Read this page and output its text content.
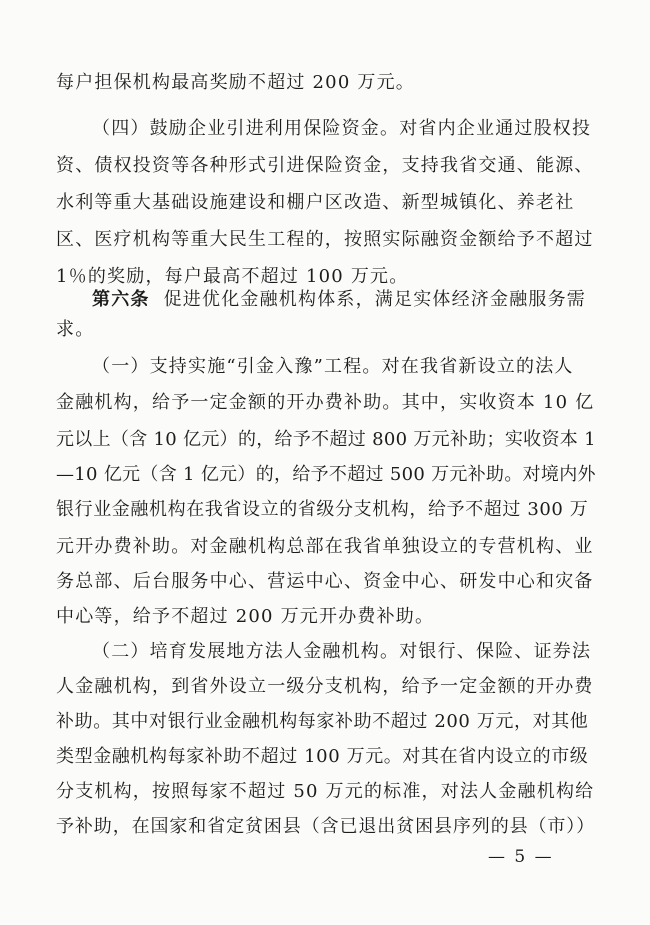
每户担保机构最高奖励不超过 200 万元。
（四）鼓励企业引进利用保险资金。对省内企业通过股权投
资、债权投资等各种形式引进保险资金，支持我省交通、能源、
水利等重大基础设施建设和棚户区改造、新型城镇化、养老社
区、医疗机构等重大民生工程的，按照实际融资金额给予不超过
1％的奖励，每户最高不超过 100 万元。
第六条 促进优化金融机构体系，满足实体经济金融服务需
求。
（一）支持实施“引金入豫”工程。对在我省新设立的法人
金融机构，给予一定金额的开办费补助。其中，实收资本 10 亿
元以上（含 10 亿元）的，给予不超过 800 万元补助；实收资本 1
—10 亿元（含 1 亿元）的，给予不超过 500 万元补助。对境内外
银行业金融机构在我省设立的省级分支机构，给予不超过 300 万
元开办费补助。对金融机构总部在我省单独设立的专营机构、业
务总部、后台服务中心、营运中心、资金中心、研发中心和灾备
中心等，给予不超过 200 万元开办费补助。
（二）培育发展地方法人金融机构。对银行、保险、证券法
人金融机构，到省外设立一级分支机构，给予一定金额的开办费
补助。其中对银行业金融机构每家补助不超过 200 万元，对其他
类型金融机构每家补助不超过 100 万元。对其在省内设立的市级
分支机构，按照每家不超过 50 万元的标准，对法人金融机构给
予补助，在国家和省定贫困县（含已退出贫困县序列的县（市））
— 5 —
